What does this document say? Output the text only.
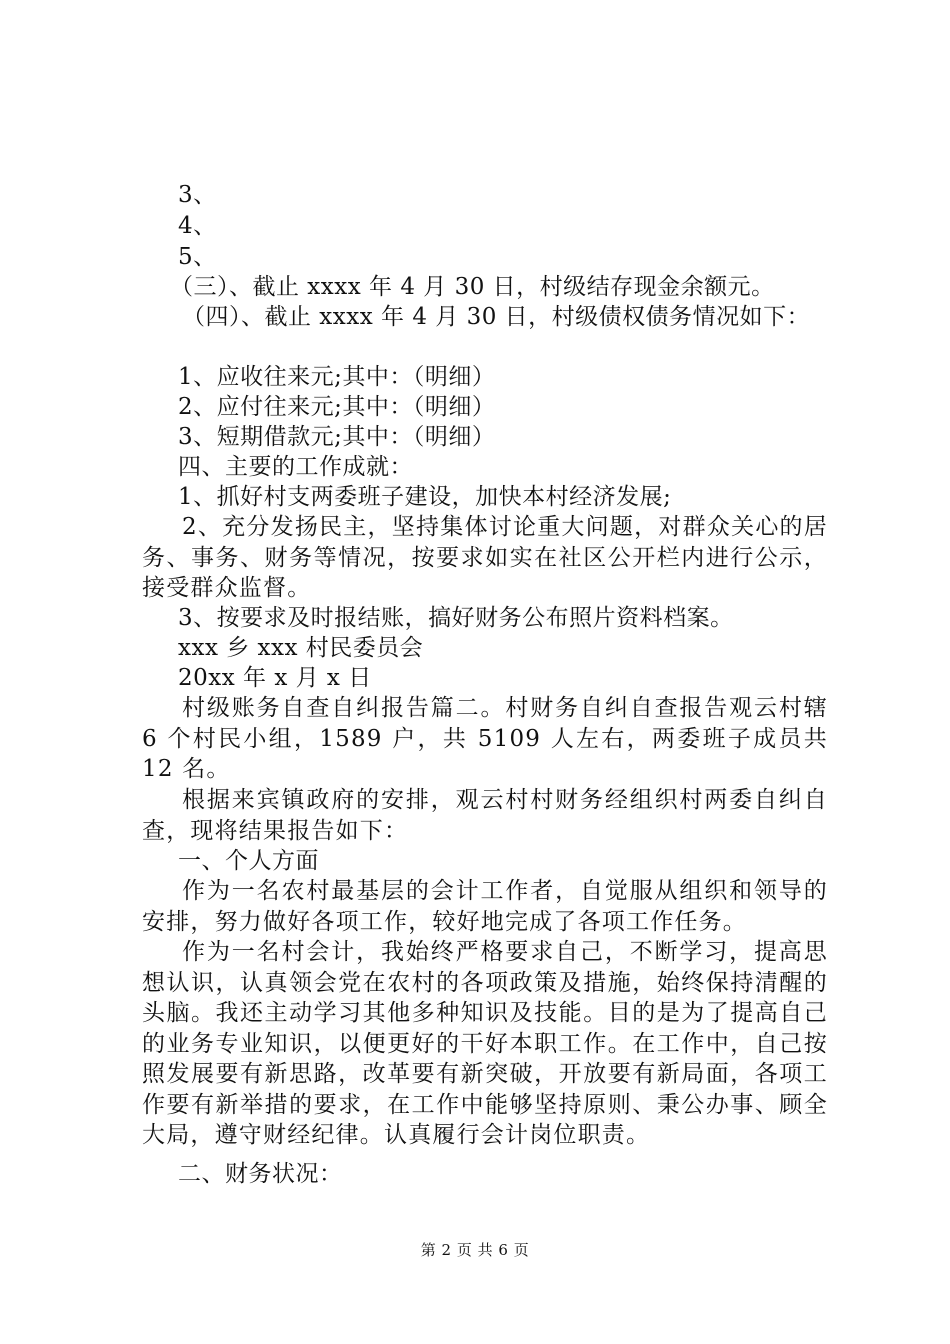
3、
4、
5、
（三）、截止 xxxx 年 4 月 30 日，村级结存现金余额元。
（四）、截止 xxxx 年 4 月 30 日，村级债权债务情况如下：
1、应收往来元;其中：（明细）
2、应付往来元;其中：（明细）
3、短期借款元;其中：（明细）
四、主要的工作成就：
1、抓好村支两委班子建设，加快本村经济发展;
2、充分发扬民主，坚持集体讨论重大问题，对群众关心的居务、事务、财务等情况，按要求如实在社区公开栏内进行公示，接受群众监督。
3、按要求及时报结账，搞好财务公布照片资料档案。
xxx 乡 xxx 村民委员会
20xx 年 x 月 x 日
村级账务自查自纠报告篇二。村财务自纠自查报告观云村辖 6 个村民小组，1589 户，共 5109 人左右，两委班子成员共 12 名。
根据来宾镇政府的安排，观云村村财务经组织村两委自纠自查，现将结果报告如下：
一、个人方面
作为一名农村最基层的会计工作者，自觉服从组织和领导的安排，努力做好各项工作，较好地完成了各项工作任务。
作为一名村会计，我始终严格要求自己，不断学习，提高思想认识，认真领会党在农村的各项政策及措施，始终保持清醒的头脑。我还主动学习其他多种知识及技能。目的是为了提高自己的业务专业知识，以便更好的干好本职工作。在工作中，自己按照发展要有新思路，改革要有新突破，开放要有新局面，各项工作要有新举措的要求，在工作中能够坚持原则、秉公办事、顾全大局，遵守财经纪律。认真履行会计岗位职责。
二、财务状况：
第 2 页 共 6 页
